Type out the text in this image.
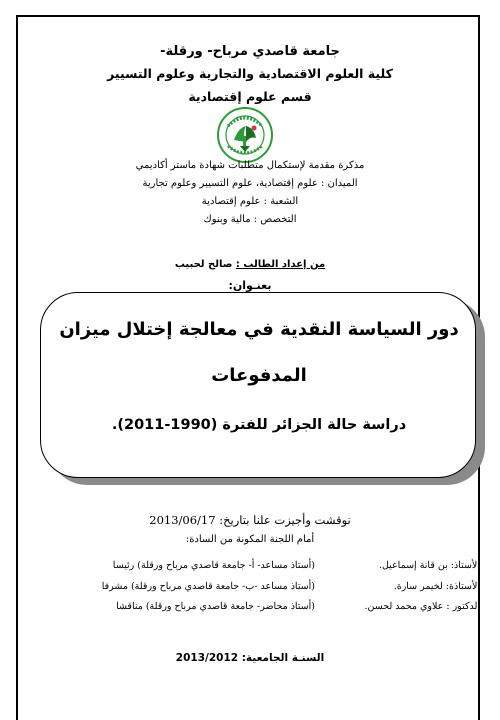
جامعة قاصدي مرباح- ورقلة-
كلية العلوم الاقتصادية والتجارية وعلوم التسيير
قسم علوم إقتصادية
مذكرة مقدمة لإستكمال متطلبات شهادة ماستر أكاديمي
الميدان : علوم إقتصادية، علوم التسيير وعلوم تجارية
الشعبة : علوم إقتصادية
التخصص : مالية وبنوك
من إعداد الطالب : صالح لحبيب
بعنـوان:
دور السياسة النقدية في معالجة إختلال ميزان
المدفوعات
دراسة حالة الجزائر للفترة (1990-2011).
نوقشت وأجيزت علنا بتاريخ: 2013/06/17
أمام اللجنة المكونة من السادة:
الأستاذ: بن قانة إسماعيل.
(أستاذ مساعد- أ- جامعة قاصدي مرباح ورقلة) رئيسا
الأستاذة: لخيمر سارة.
(أستاذ مساعد -ب- جامعة قاصدي مرباح ورقلة) مشرفا
الدكتور : علاوي محمد لحسن.
(أستاذ محاضر- جامعة قاصدي مرباح ورقلة) مناقشا
السنـة الجامعية: 2013/2012
